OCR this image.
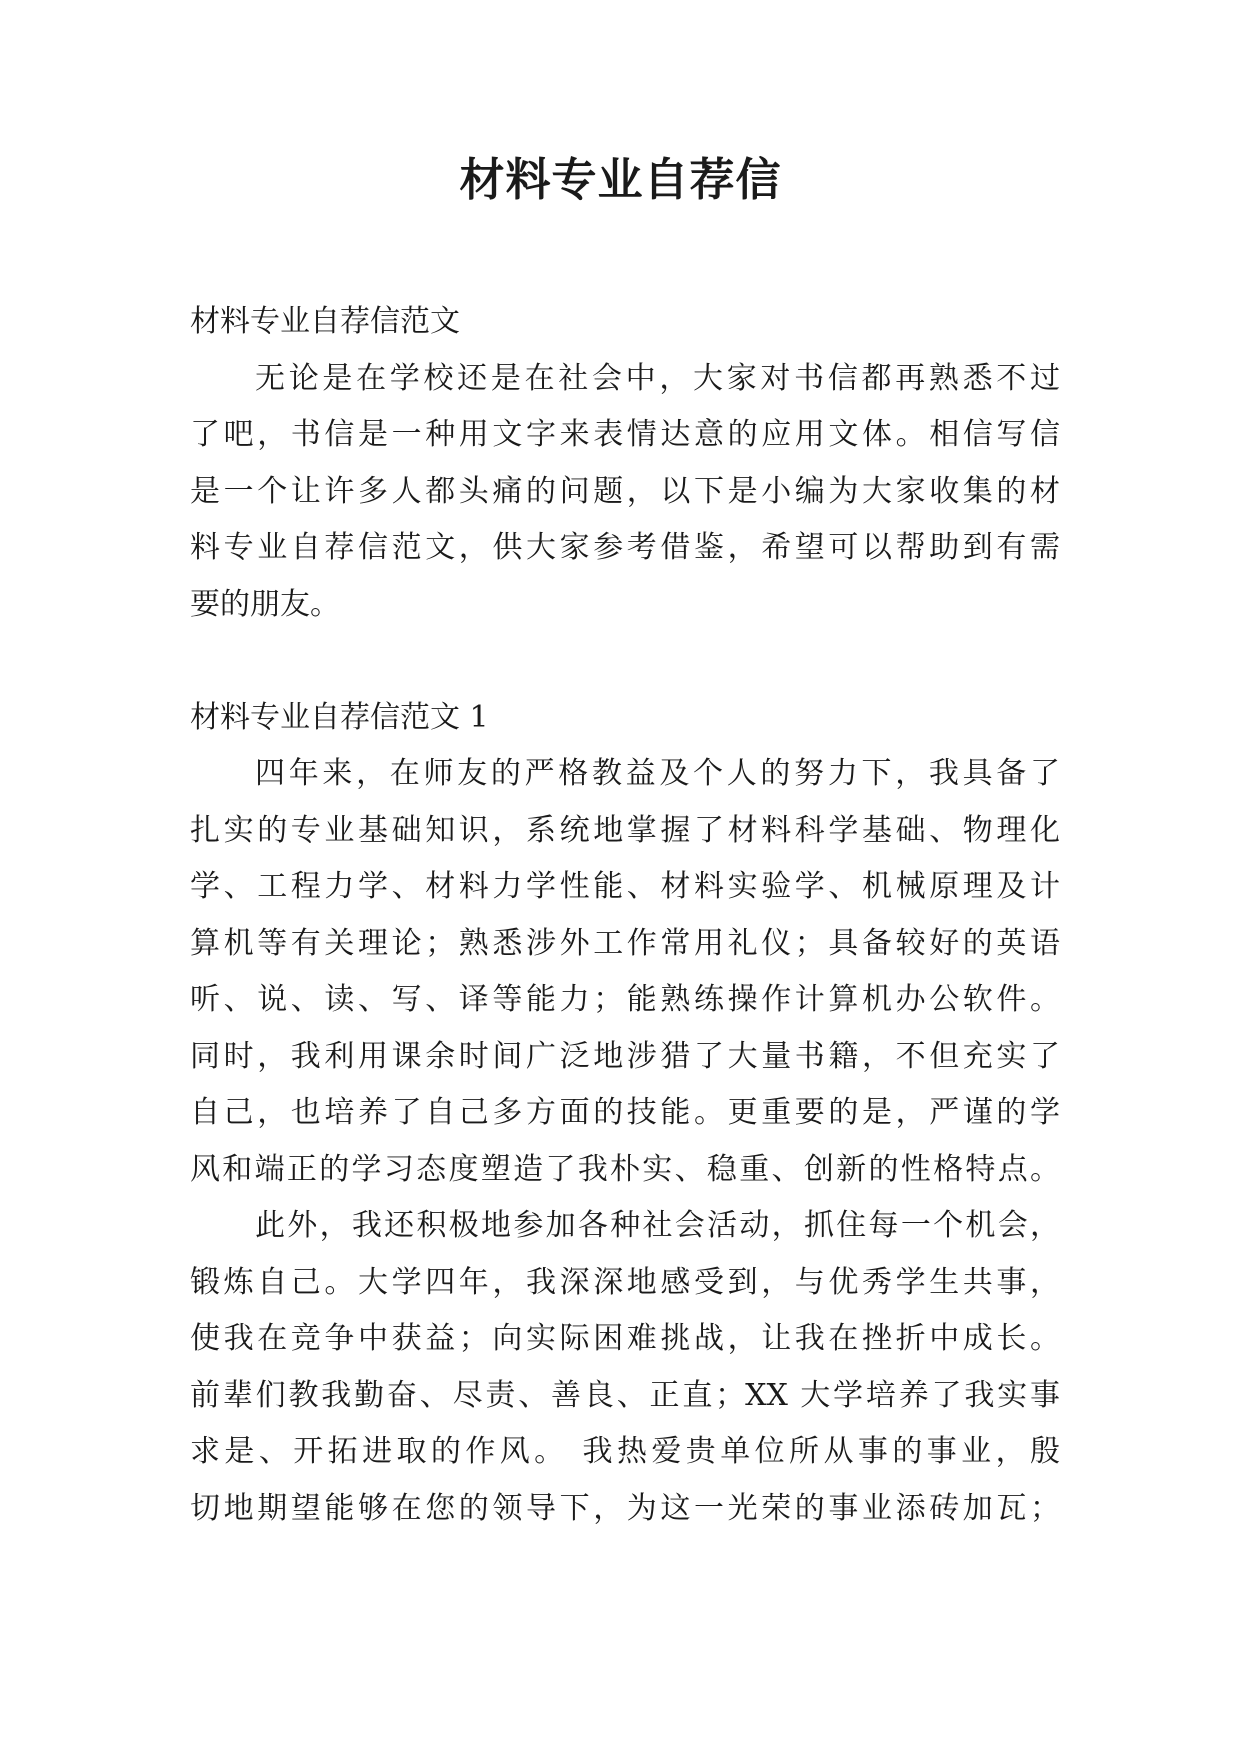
材料专业自荐信
材料专业自荐信范文
无论是在学校还是在社会中，大家对书信都再熟悉不过
了吧，书信是一种用文字来表情达意的应用文体。相信写信
是一个让许多人都头痛的问题，以下是小编为大家收集的材
料专业自荐信范文，供大家参考借鉴，希望可以帮助到有需
要的朋友。
材料专业自荐信范文 1
四年来，在师友的严格教益及个人的努力下，我具备了
扎实的专业基础知识，系统地掌握了材料科学基础、物理化
学、工程力学、材料力学性能、材料实验学、机械原理及计
算机等有关理论；熟悉涉外工作常用礼仪；具备较好的英语
听、说、读、写、译等能力；能熟练操作计算机办公软件。
同时，我利用课余时间广泛地涉猎了大量书籍，不但充实了
自己，也培养了自己多方面的技能。更重要的是，严谨的学
风和端正的学习态度塑造了我朴实、稳重、创新的性格特点。
此外，我还积极地参加各种社会活动，抓住每一个机会，
锻炼自己。大学四年，我深深地感受到，与优秀学生共事，
使我在竞争中获益；向实际困难挑战，让我在挫折中成长。
前辈们教我勤奋、尽责、善良、正直；XX 大学培养了我实事
求是、开拓进取的作风。 我热爱贵单位所从事的事业，殷
切地期望能够在您的领导下，为这一光荣的事业添砖加瓦；
